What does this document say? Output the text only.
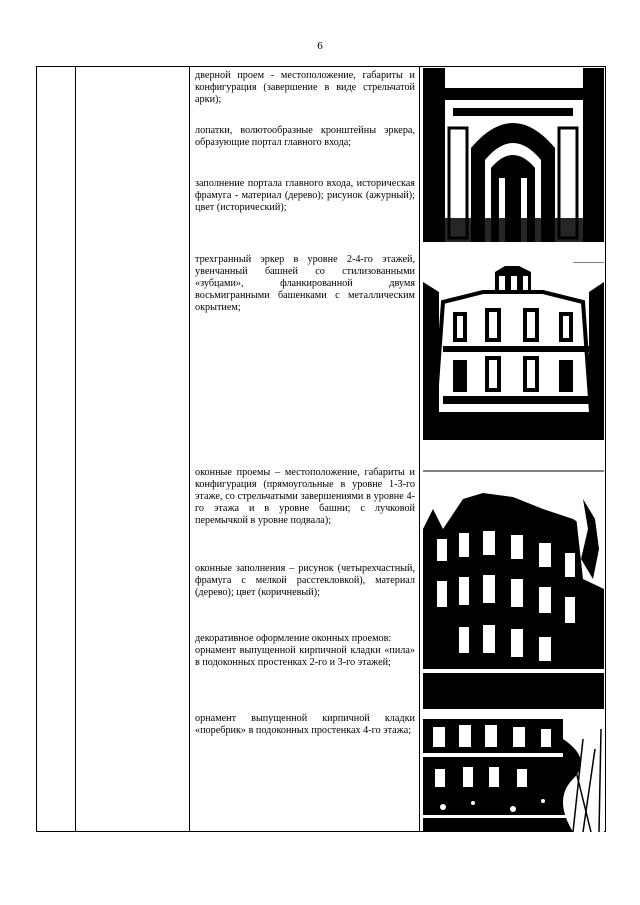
6

дверной проем - местоположение, габариты и конфигурация (завершение в виде стрельчатой арки);

лопатки, волютообразные кронштейны эркера, образующие портал главного входа;

заполнение портала главного входа, историческая фрамуга - материал (дерево); рисунок (ажурный); цвет (исторический);

трехгранный эркер в уровне 2-4-го этажей, увенчанный башней со стилизованными «зубцами», фланкированной двумя восьмигранными башенками с металлическим окрытием;

оконные проемы – местоположение, габариты и конфигурация (прямоугольные в уровне 1-3-го этаже, со стрельчатыми завершениями в уровне 4-го этажа и в уровне башни; с лучковой перемычкой в уровне подвала);

оконные заполнения – рисунок (четырехчастный, фрамуга с мелкой расстекловкой), материал (дерево); цвет (коричневый);

декоративное оформление оконных проемов:

орнамент выпущенной кирпичной кладки «пила» в подоконных простенках 2-го и 3-го этажей;

орнамент выпущенной кирпичной кладки «поребрик» в подоконных простенках 4-го этажа;
